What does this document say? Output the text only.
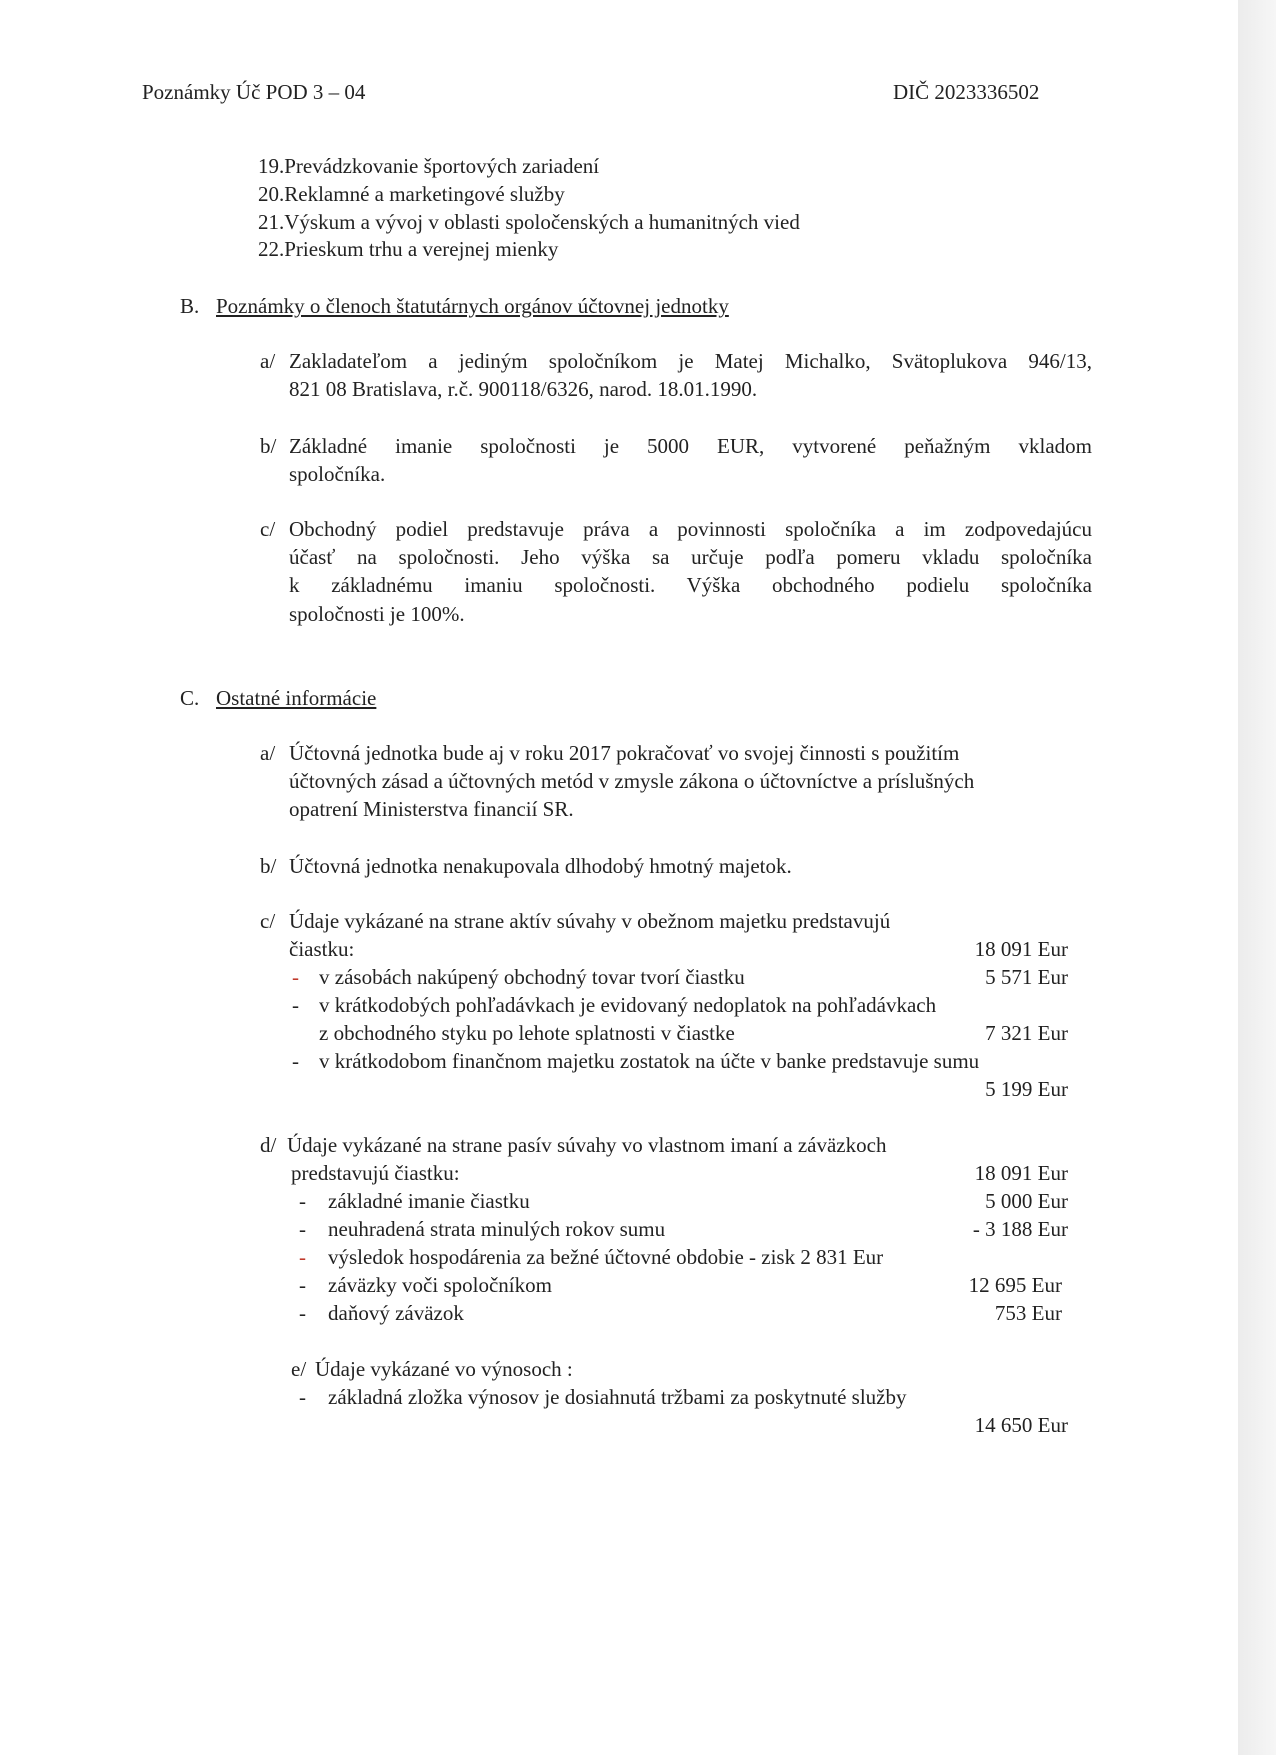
Poznámky Úč POD 3 – 04	DIČ 2023336502
19.Prevádzkovanie športových zariadení
20.Reklamné a marketingové služby
21.Výskum a vývoj v oblasti spoločenských a humanitných vied
22.Prieskum trhu a verejnej mienky
B. Poznámky o členoch štatutárnych orgánov účtovnej jednotky
a/ Zakladateľom a jediným spoločníkom je Matej Michalko, Svätoplukova 946/13,
821 08 Bratislava, r.č. 900118/6326, narod. 18.01.1990.
b/ Základné imanie spoločnosti je 5000 EUR, vytvorené peňažným vkladom
spoločníka.
c/ Obchodný podiel predstavuje práva a povinnosti spoločníka a im zodpovedajúcu
účasť na spoločnosti. Jeho výška sa určuje podľa pomeru vkladu spoločníka
k základnému imaniu spoločnosti. Výška obchodného podielu spoločníka
spoločnosti je 100%.
C. Ostatné informácie
a/ Účtovná jednotka bude aj v roku 2017 pokračovať vo svojej činnosti s použitím
účtovných zásad a účtovných metód v zmysle zákona o účtovníctve a príslušných
opatrení Ministerstva financií SR.
b/ Účtovná jednotka nenakupovala dlhodobý hmotný majetok.
c/ Údaje vykázané na strane aktív súvahy v obežnom majetku predstavujú
čiastku:	18 091 Eur
- v zásobách nakúpený obchodný tovar tvorí čiastku	5 571 Eur
- v krátkodobých pohľadávkach je evidovaný nedoplatok na pohľadávkach
z obchodného styku po lehote splatnosti v čiastke	7 321 Eur
- v krátkodobom finančnom majetku zostatok na účte v banke predstavuje sumu
5 199 Eur
d/ Údaje vykázané na strane pasív súvahy vo vlastnom imaní a záväzkoch
predstavujú čiastku:	18 091 Eur
- základné imanie čiastku	5 000 Eur
- neuhradená strata minulých rokov sumu	- 3 188 Eur
- výsledok hospodárenia za bežné účtovné obdobie - zisk 2 831 Eur
- záväzky voči spoločníkom	12 695 Eur
- daňový záväzok	753 Eur
e/ Údaje vykázané vo výnosoch :
- základná zložka výnosov je dosiahnutá tržbami za poskytnuté služby
14 650 Eur
